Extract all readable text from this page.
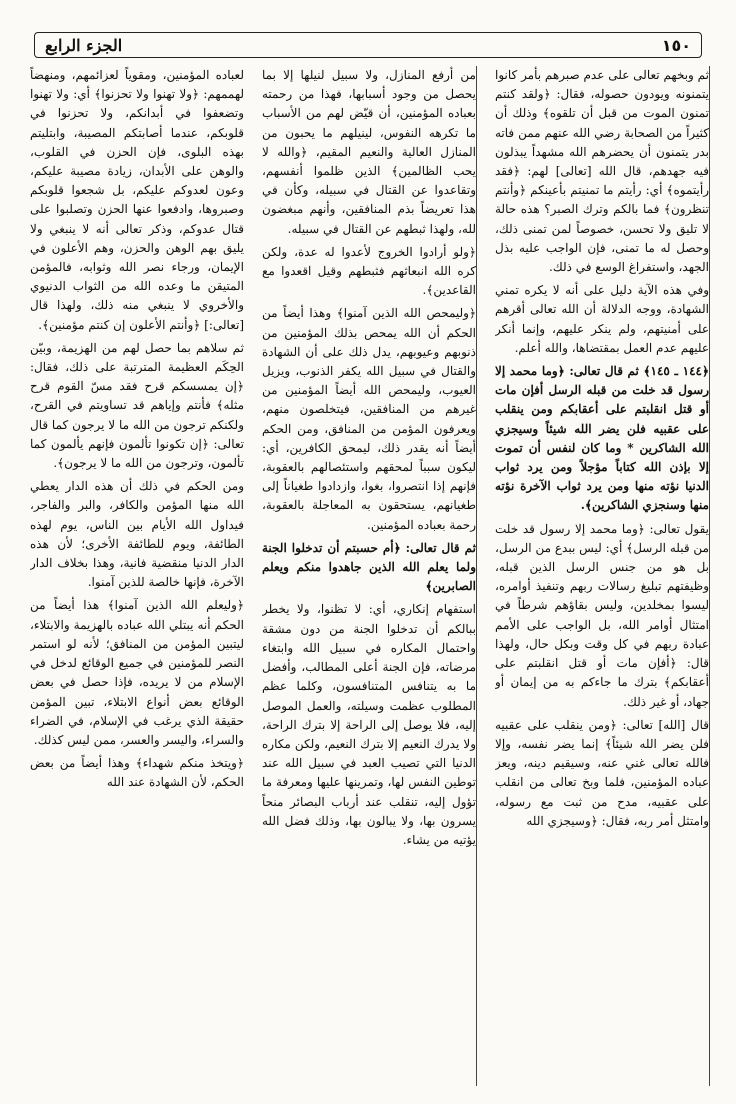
الجزء الرابع	١٥٠

لعباده المؤمنين، ومقوياً لعزائمهم، ومنهضاً لهممهم: ﴿ولا تهنوا ولا تحزنوا﴾ أي: ولا تهنوا وتضعفوا في أبدانكم، ولا تحزنوا في قلوبكم، عندما أصابتكم المصيبة، وابتليتم بهذه البلوى، فإن الحزن في القلوب، والوهن على الأبدان، زيادة مصيبة عليكم، وعون لعدوكم عليكم، بل شجعوا قلوبكم وصبروها، وادفعوا عنها الحزن وتصلبوا على قتال عدوكم، وذكر تعالى أنه لا ينبغي ولا يليق بهم الوهن والحزن، وهم الأعلون في الإيمان، ورجاء نصر الله وثوابه، فالمؤمن المتيقن ما وعده الله من الثواب الدنيوي والأخروي لا ينبغي منه ذلك، ولهذا قال [تعالى:] ﴿وأنتم الأعلون إن كنتم مؤمنين﴾.

ثم سلاهم بما حصل لهم من الهزيمة، وبيّن الحِكَم العظيمة المترتبة على ذلك، فقال: ﴿إن يمسسكم قرح فقد مسّ القوم قرح مثله﴾ فأنتم وإياهم قد تساويتم في القرح، ولكنكم ترجون من الله ما لا يرجون كما قال تعالى: ﴿إن تكونوا تألمون فإنهم يألمون كما تألمون، وترجون من الله ما لا يرجون﴾.

ومن الحكم في ذلك أن هذه الدار يعطي الله منها المؤمن والكافر، والبر والفاجر، فيداول الله الأيام بين الناس، يوم لهذه الطائفة، ويوم للطائفة الأخرى؛ لأن هذه الدار الدنيا منقضية فانية، وهذا بخلاف الدار الآخرة، فإنها خالصة للذين آمنوا.

﴿وليعلم الله الذين آمنوا﴾ هذا أيضاً من الحكم أنه يبتلي الله عباده بالهزيمة والابتلاء، ليتبين المؤمن من المنافق؛ لأنه لو استمر النصر للمؤمنين في جميع الوقائع لدخل في الإسلام من لا يريده، فإذا حصل في بعض الوقائع بعض أنواع الابتلاء، تبين المؤمن حقيقة الذي يرغب في الإسلام، في الضراء والسراء، واليسر والعسر، ممن ليس كذلك.

﴿ويتخذ منكم شهداء﴾ وهذا أيضاً من بعض الحكم، لأن الشهادة عند الله

من أرفع المنازل، ولا سبيل لنيلها إلا بما يحصل من وجود أسبابها، فهذا من رحمته بعباده المؤمنين، أن قيّض لهم من الأسباب ما تكرهه النفوس، لينيلهم ما يحبون من المنازل العالية والنعيم المقيم، ﴿والله لا يحب الظالمين﴾ الذين ظلموا أنفسهم، وتقاعدوا عن القتال في سبيله، وكأن في هذا تعريضاً بذم المنافقين، وأنهم مبغضون لله، ولهذا ثبطهم عن القتال في سبيله.

﴿ولو أرادوا الخروج لأعدوا له عدة، ولكن كره الله انبعاثهم فثبطهم وقيل اقعدوا مع القاعدين﴾.

﴿وليمحص الله الذين آمنوا﴾ وهذا أيضاً من الحكم أن الله يمحص بذلك المؤمنين من ذنوبهم وعيوبهم، يدل ذلك على أن الشهادة والقتال في سبيل الله يكفر الذنوب، ويزيل العيوب، وليمحص الله أيضاً المؤمنين من غيرهم من المنافقين، فيتخلصون منهم، ويعرفون المؤمن من المنافق، ومن الحكم أيضاً أنه يقدر ذلك، ليمحق الكافرين، أي: ليكون سبباً لمحقهم واستئصالهم بالعقوبة، فإنهم إذا انتصروا، بغوا، وازدادوا طغياناً إلى طغيانهم، يستحقون به المعاجلة بالعقوبة، رحمة بعباده المؤمنين.

ثم قال تعالى: ﴿أم حسبتم أن تدخلوا الجنة ولما يعلم الله الذين جاهدوا منكم ويعلم الصابرين﴾

استفهام إنكاري، أي: لا تظنوا، ولا يخطر ببالكم أن تدخلوا الجنة من دون مشقة واحتمال المكاره في سبيل الله وابتغاء مرضاته، فإن الجنة أعلى المطالب، وأفضل ما به يتنافس المتنافسون، وكلما عظم المطلوب عظمت وسيلته، والعمل الموصل إليه، فلا يوصل إلى الراحة إلا بترك الراحة، ولا يدرك النعيم إلا بترك النعيم، ولكن مكاره الدنيا التي تصيب العبد في سبيل الله عند توطين النفس لها، وتمرينها عليها ومعرفة ما تؤول إليه، تنقلب عند أرباب البصائر منحاً يسرون بها، ولا يبالون بها، وذلك فضل الله يؤتيه من يشاء.

ثم وبخهم تعالى على عدم صبرهم بأمر كانوا يتمنونه ويودون حصوله، فقال: ﴿ولقد كنتم تمنون الموت من قبل أن تلقوه﴾ وذلك أن كثيراً من الصحابة رضي الله عنهم ممن فاته بدر يتمنون أن يحضرهم الله مشهداً يبذلون فيه جهدهم، قال الله [تعالى] لهم: ﴿فقد رأيتموه﴾ أي: رأيتم ما تمنيتم بأعينكم ﴿وأنتم تنظرون﴾ فما بالكم وترك الصبر؟ هذه حالة لا تليق ولا تحسن، خصوصاً لمن تمنى ذلك، وحصل له ما تمنى، فإن الواجب عليه بذل الجهد، واستفراغ الوسع في ذلك.

وفي هذه الآية دليل على أنه لا يكره تمني الشهادة، ووجه الدلالة أن الله تعالى أقرهم على أمنيتهم، ولم ينكر عليهم، وإنما أنكر عليهم عدم العمل بمقتضاها، والله أعلم.

﴿١٤٤ ـ ١٤٥﴾ ثم قال تعالى: ﴿وما محمد إلا رسول قد خلت من قبله الرسل أفإن مات أو قتل انقلبتم على أعقابكم ومن ينقلب على عقبيه فلن يضر الله شيئاً وسيجزي الله الشاكرين * وما كان لنفس أن تموت إلا بإذن الله كتاباً مؤجلاً ومن يرد ثواب الدنيا نؤته منها ومن يرد ثواب الآخرة نؤته منها وسنجزي الشاكرين﴾.

يقول تعالى: ﴿وما محمد إلا رسول قد خلت من قبله الرسل﴾ أي: ليس ببدع من الرسل، بل هو من جنس الرسل الذين قبله، وظيفتهم تبليغ رسالات ربهم وتنفيذ أوامره، ليسوا بمخلدين، وليس بقاؤهم شرطاً في امتثال أوامر الله، بل الواجب على الأمم عبادة ربهم في كل وقت وبكل حال، ولهذا قال: ﴿أفإن مات أو قتل انقلبتم على أعقابكم﴾ بترك ما جاءكم به من إيمان أو جهاد، أو غير ذلك.

قال [الله] تعالى: ﴿ومن ينقلب على عقبيه فلن يضر الله شيئاً﴾ إنما يضر نفسه، وإلا فالله تعالى غني عنه، وسيقيم دينه، ويعز عباده المؤمنين، فلما وبخ تعالى من انقلب على عقبيه، مدح من ثبت مع رسوله، وامتثل أمر ربه، فقال: ﴿وسيجزي الله
